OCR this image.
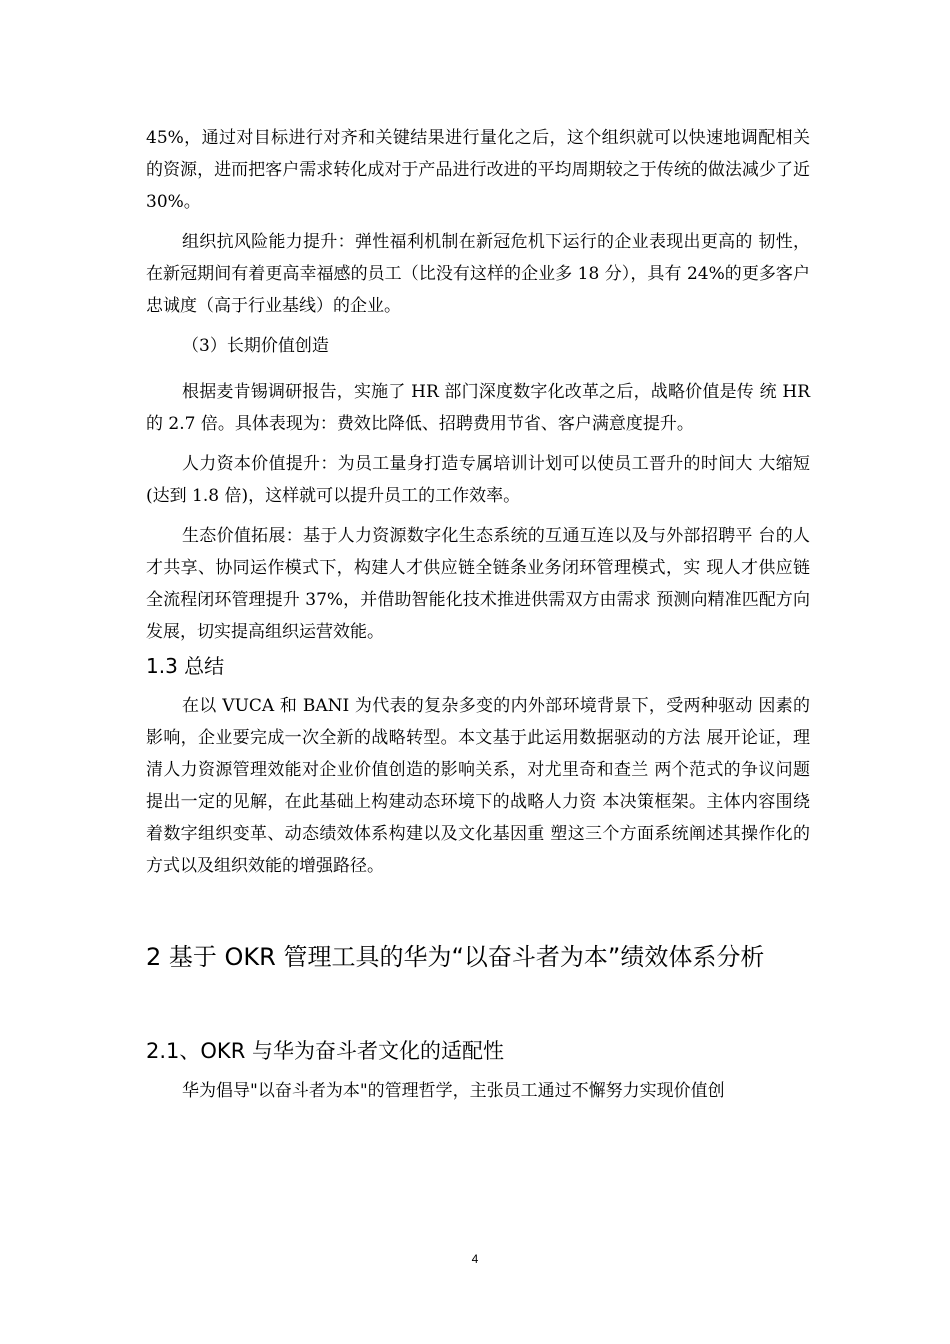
45%，通过对目标进行对齐和关键结果进行量化之后，这个组织就可以快速地调配相关的资源，进而把客户需求转化成对于产品进行改进的平均周期较之于传统的做法减少了近 30%。

组织抗风险能力提升：弹性福利机制在新冠危机下运行的企业表现出更高的 韧性，在新冠期间有着更高幸福感的员工（比没有这样的企业多 18 分），具有 24%的更多客户忠诚度（高于行业基线）的企业。

（3）长期价值创造

根据麦肯锡调研报告，实施了 HR 部门深度数字化改革之后，战略价值是传 统 HR 的 2.7 倍。具体表现为：费效比降低、招聘费用节省、客户满意度提升。

人力资本价值提升：为员工量身打造专属培训计划可以使员工晋升的时间大 大缩短(达到 1.8 倍)，这样就可以提升员工的工作效率。

生态价值拓展：基于人力资源数字化生态系统的互通互连以及与外部招聘平 台的人才共享、协同运作模式下，构建人才供应链全链条业务闭环管理模式，实 现人才供应链全流程闭环管理提升 37%，并借助智能化技术推进供需双方由需求 预测向精准匹配方向发展，切实提高组织运营效能。

1.3 总结

在以 VUCA 和 BANI 为代表的复杂多变的内外部环境背景下，受两种驱动 因素的影响，企业要完成一次全新的战略转型。本文基于此运用数据驱动的方法 展开论证，理清人力资源管理效能对企业价值创造的影响关系，对尤里奇和查兰 两个范式的争议问题提出一定的见解，在此基础上构建动态环境下的战略人力资 本决策框架。主体内容围绕着数字组织变革、动态绩效体系构建以及文化基因重 塑这三个方面系统阐述其操作化的方式以及组织效能的增强路径。

2 基于 OKR 管理工具的华为“以奋斗者为本”绩效体系分析
2.1、OKR 与华为奋斗者文化的适配性

华为倡导"以奋斗者为本"的管理哲学，主张员工通过不懈努力实现价值创

4
